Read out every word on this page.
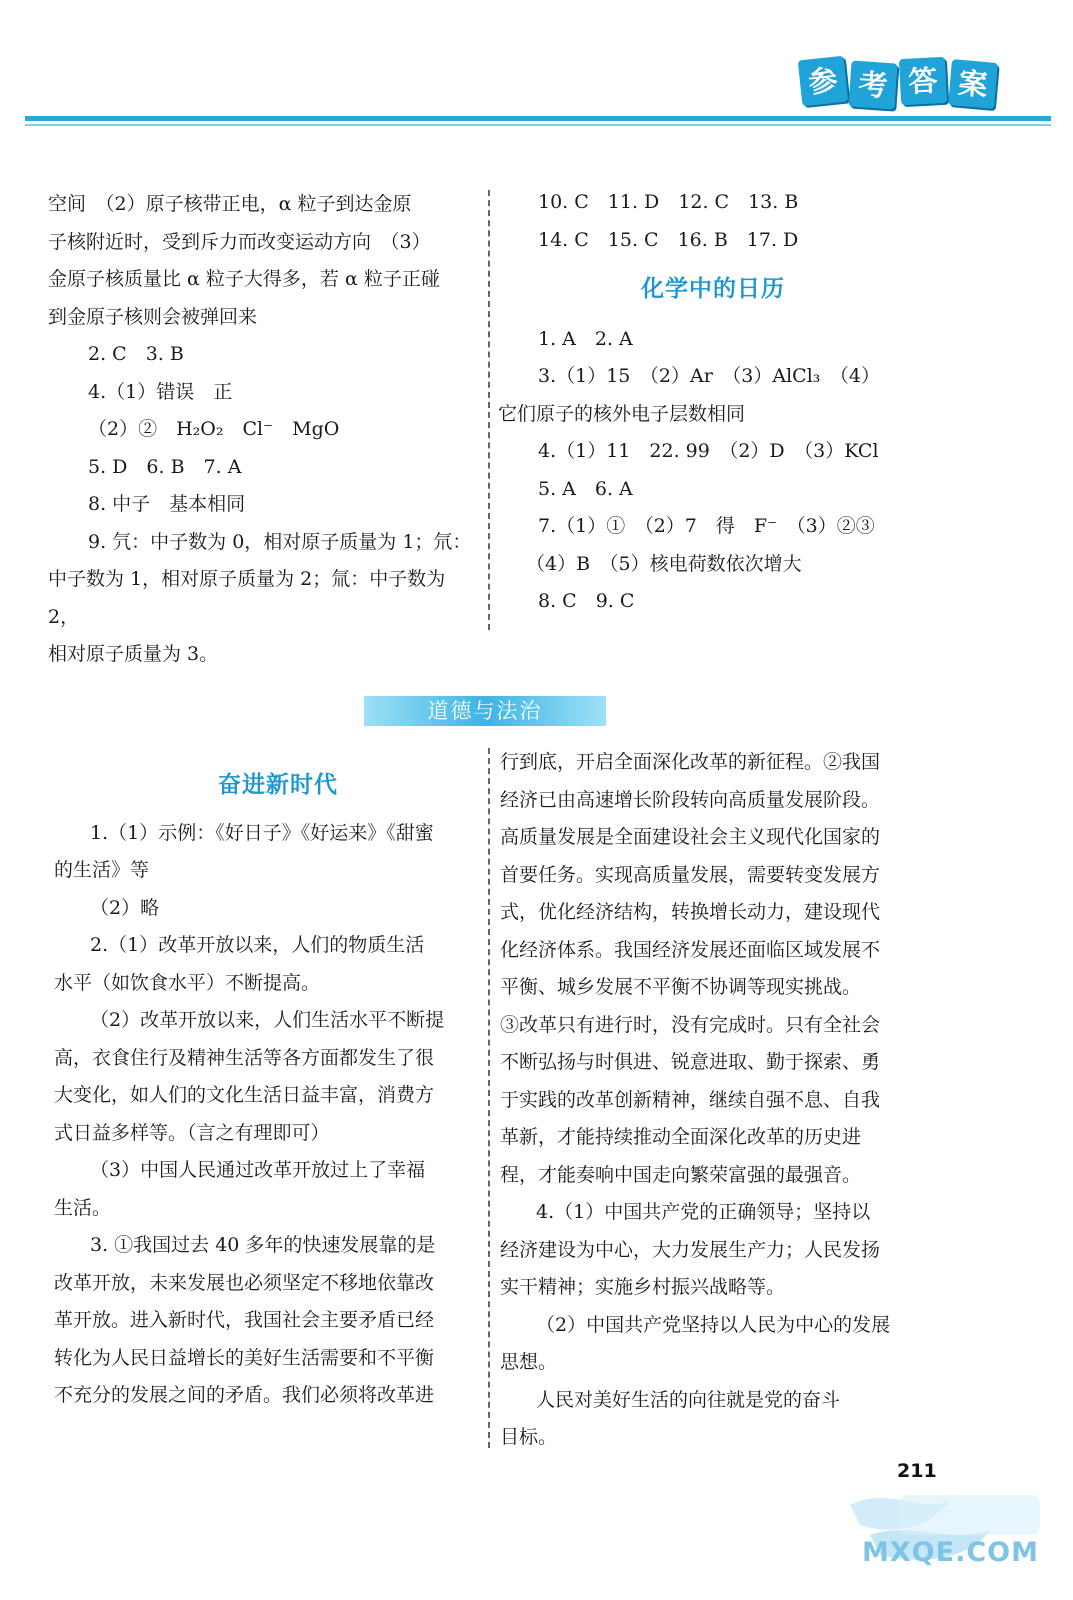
参 考 答 案

空间　（2）原子核带正电，α 粒子到达金原

子核附近时，受到斥力而改变运动方向　（3）

金原子核质量比 α 粒子大得多，若 α 粒子正碰

到金原子核则会被弹回来

2. C　3. B

4.（1）错误　正

（2）②　H₂O₂　Cl⁻　MgO

5. D　6. B　7. A

8. 中子　基本相同

9. 氕：中子数为 0，相对原子质量为 1；氘：

中子数为 1，相对原子质量为 2；氚：中子数为 2，

相对原子质量为 3。

10. C　11. D　12. C　13. B

14. C　15. C　16. B　17. D

化学中的日历

1. A　2. A

3.（1）15　（2）Ar　（3）AlCl₃　（4）

它们原子的核外电子层数相同

4.（1）11　22. 99　（2）D　（3）KCl

5. A　6. A

7.（1）①　（2）7　得　F⁻　（3）②③

（4）B　（5）核电荷数依次增大

8. C　9. C

道德与法治

奋进新时代

1.（1）示例：《好日子》《好运来》《甜蜜

的生活》等

（2）略

2.（1）改革开放以来，人们的物质生活

水平（如饮食水平）不断提高。

（2）改革开放以来，人们生活水平不断提

高，衣食住行及精神生活等各方面都发生了很

大变化，如人们的文化生活日益丰富，消费方

式日益多样等。（言之有理即可）

（3）中国人民通过改革开放过上了幸福

生活。

3. ①我国过去 40 多年的快速发展靠的是

改革开放，未来发展也必须坚定不移地依靠改

革开放。进入新时代，我国社会主要矛盾已经

转化为人民日益增长的美好生活需要和不平衡

不充分的发展之间的矛盾。我们必须将改革进

行到底，开启全面深化改革的新征程。②我国

经济已由高速增长阶段转向高质量发展阶段。

高质量发展是全面建设社会主义现代化国家的

首要任务。实现高质量发展，需要转变发展方

式，优化经济结构，转换增长动力，建设现代

化经济体系。我国经济发展还面临区域发展不

平衡、城乡发展不平衡不协调等现实挑战。

③改革只有进行时，没有完成时。只有全社会

不断弘扬与时俱进、锐意进取、勤于探索、勇

于实践的改革创新精神，继续自强不息、自我

革新，才能持续推动全面深化改革的历史进

程，才能奏响中国走向繁荣富强的最强音。

4.（1）中国共产党的正确领导；坚持以

经济建设为中心，大力发展生产力；人民发扬

实干精神；实施乡村振兴战略等。

（2）中国共产党坚持以人民为中心的发展

思想。

人民对美好生活的向往就是党的奋斗

目标。

211
MXQE.COM
